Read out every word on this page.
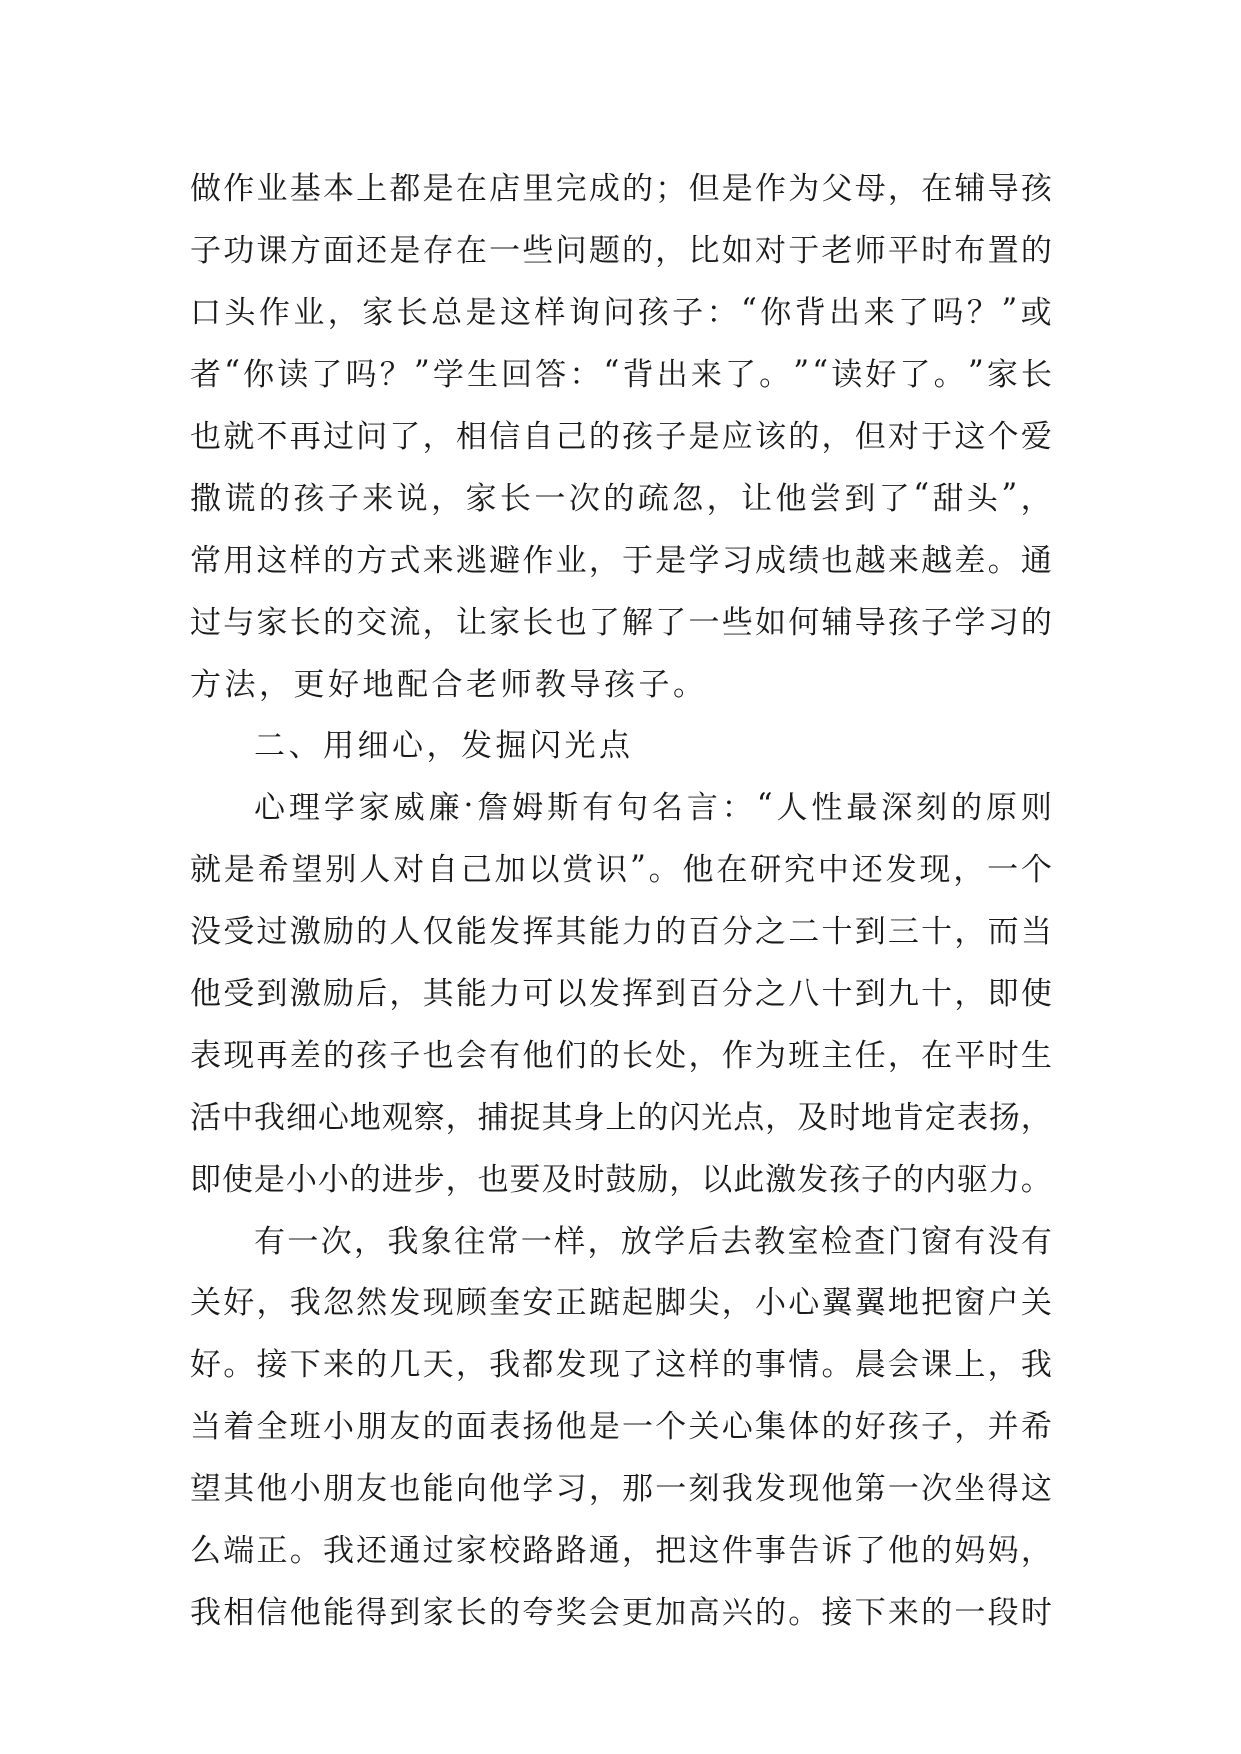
做 作 业 基 本 上 都 是 在 店 里 完 成 的 ； 但 是 作 为 父 母 ， 在 辅 导 孩
子 功 课 方 面 还 是 存 在 一 些 问 题 的 ， 比 如 对 于 老 师 平 时 布 置 的
口 头 作 业 ， 家 长 总 是 这 样 询 问 孩 子 ： “ 你 背 出 来 了 吗 ？ ” 或
者 “ 你 读 了 吗 ？ ” 学 生 回 答 ： “ 背 出 来 了 。 ” “ 读 好 了 。 ” 家 长
也 就 不 再 过 问 了 ， 相 信 自 己 的 孩 子 是 应 该 的 ， 但 对 于 这 个 爱
撒 谎 的 孩 子 来 说 ， 家 长 一 次 的 疏 忽 ， 让 他 尝 到 了 “ 甜 头 ” ，
常 用 这 样 的 方 式 来 逃 避 作 业 ， 于 是 学 习 成 绩 也 越 来 越 差 。 通
过 与 家 长 的 交 流 ， 让 家 长 也 了 解 了 一 些 如 何 辅 导 孩 子 学 习 的
方法，更好地配合老师教导孩子。
二、用细心，发掘闪光点
心 理 学 家 威 廉 · 詹 姆 斯 有 句 名 言 ： “ 人 性 最 深 刻 的 原 则
就 是 希 望 别 人 对 自 己 加 以 赏 识 ” 。 他 在 研 究 中 还 发 现 ， 一 个
没 受 过 激 励 的 人 仅 能 发 挥 其 能 力 的 百 分 之 二 十 到 三 十 ， 而 当
他 受 到 激 励 后 ， 其 能 力 可 以 发 挥 到 百 分 之 八 十 到 九 十 ， 即 使
表 现 再 差 的 孩 子 也 会 有 他 们 的 长 处 ， 作 为 班 主 任 ， 在 平 时 生
活 中 我 细 心 地 观 察 ， 捕 捉 其 身 上 的 闪 光 点 ， 及 时 地 肯 定 表 扬 ，
即 使 是 小 小 的 进 步 ， 也 要 及 时 鼓 励 ， 以 此 激 发 孩 子 的 内 驱 力 。
有 一 次 ， 我 象 往 常 一 样 ， 放 学 后 去 教 室 检 查 门 窗 有 没 有
关 好 ， 我 忽 然 发 现 顾 奎 安 正 踮 起 脚 尖 ， 小 心 翼 翼 地 把 窗 户 关
好 。 接 下 来 的 几 天 ， 我 都 发 现 了 这 样 的 事 情 。 晨 会 课 上 ， 我
当 着 全 班 小 朋 友 的 面 表 扬 他 是 一 个 关 心 集 体 的 好 孩 子 ， 并 希
望 其 他 小 朋 友 也 能 向 他 学 习 ， 那 一 刻 我 发 现 他 第 一 次 坐 得 这
么 端 正 。 我 还 通 过 家 校 路 路 通 ， 把 这 件 事 告 诉 了 他 的 妈 妈 ，
我 相 信 他 能 得 到 家 长 的 夸 奖 会 更 加 高 兴 的 。 接 下 来 的 一 段 时
